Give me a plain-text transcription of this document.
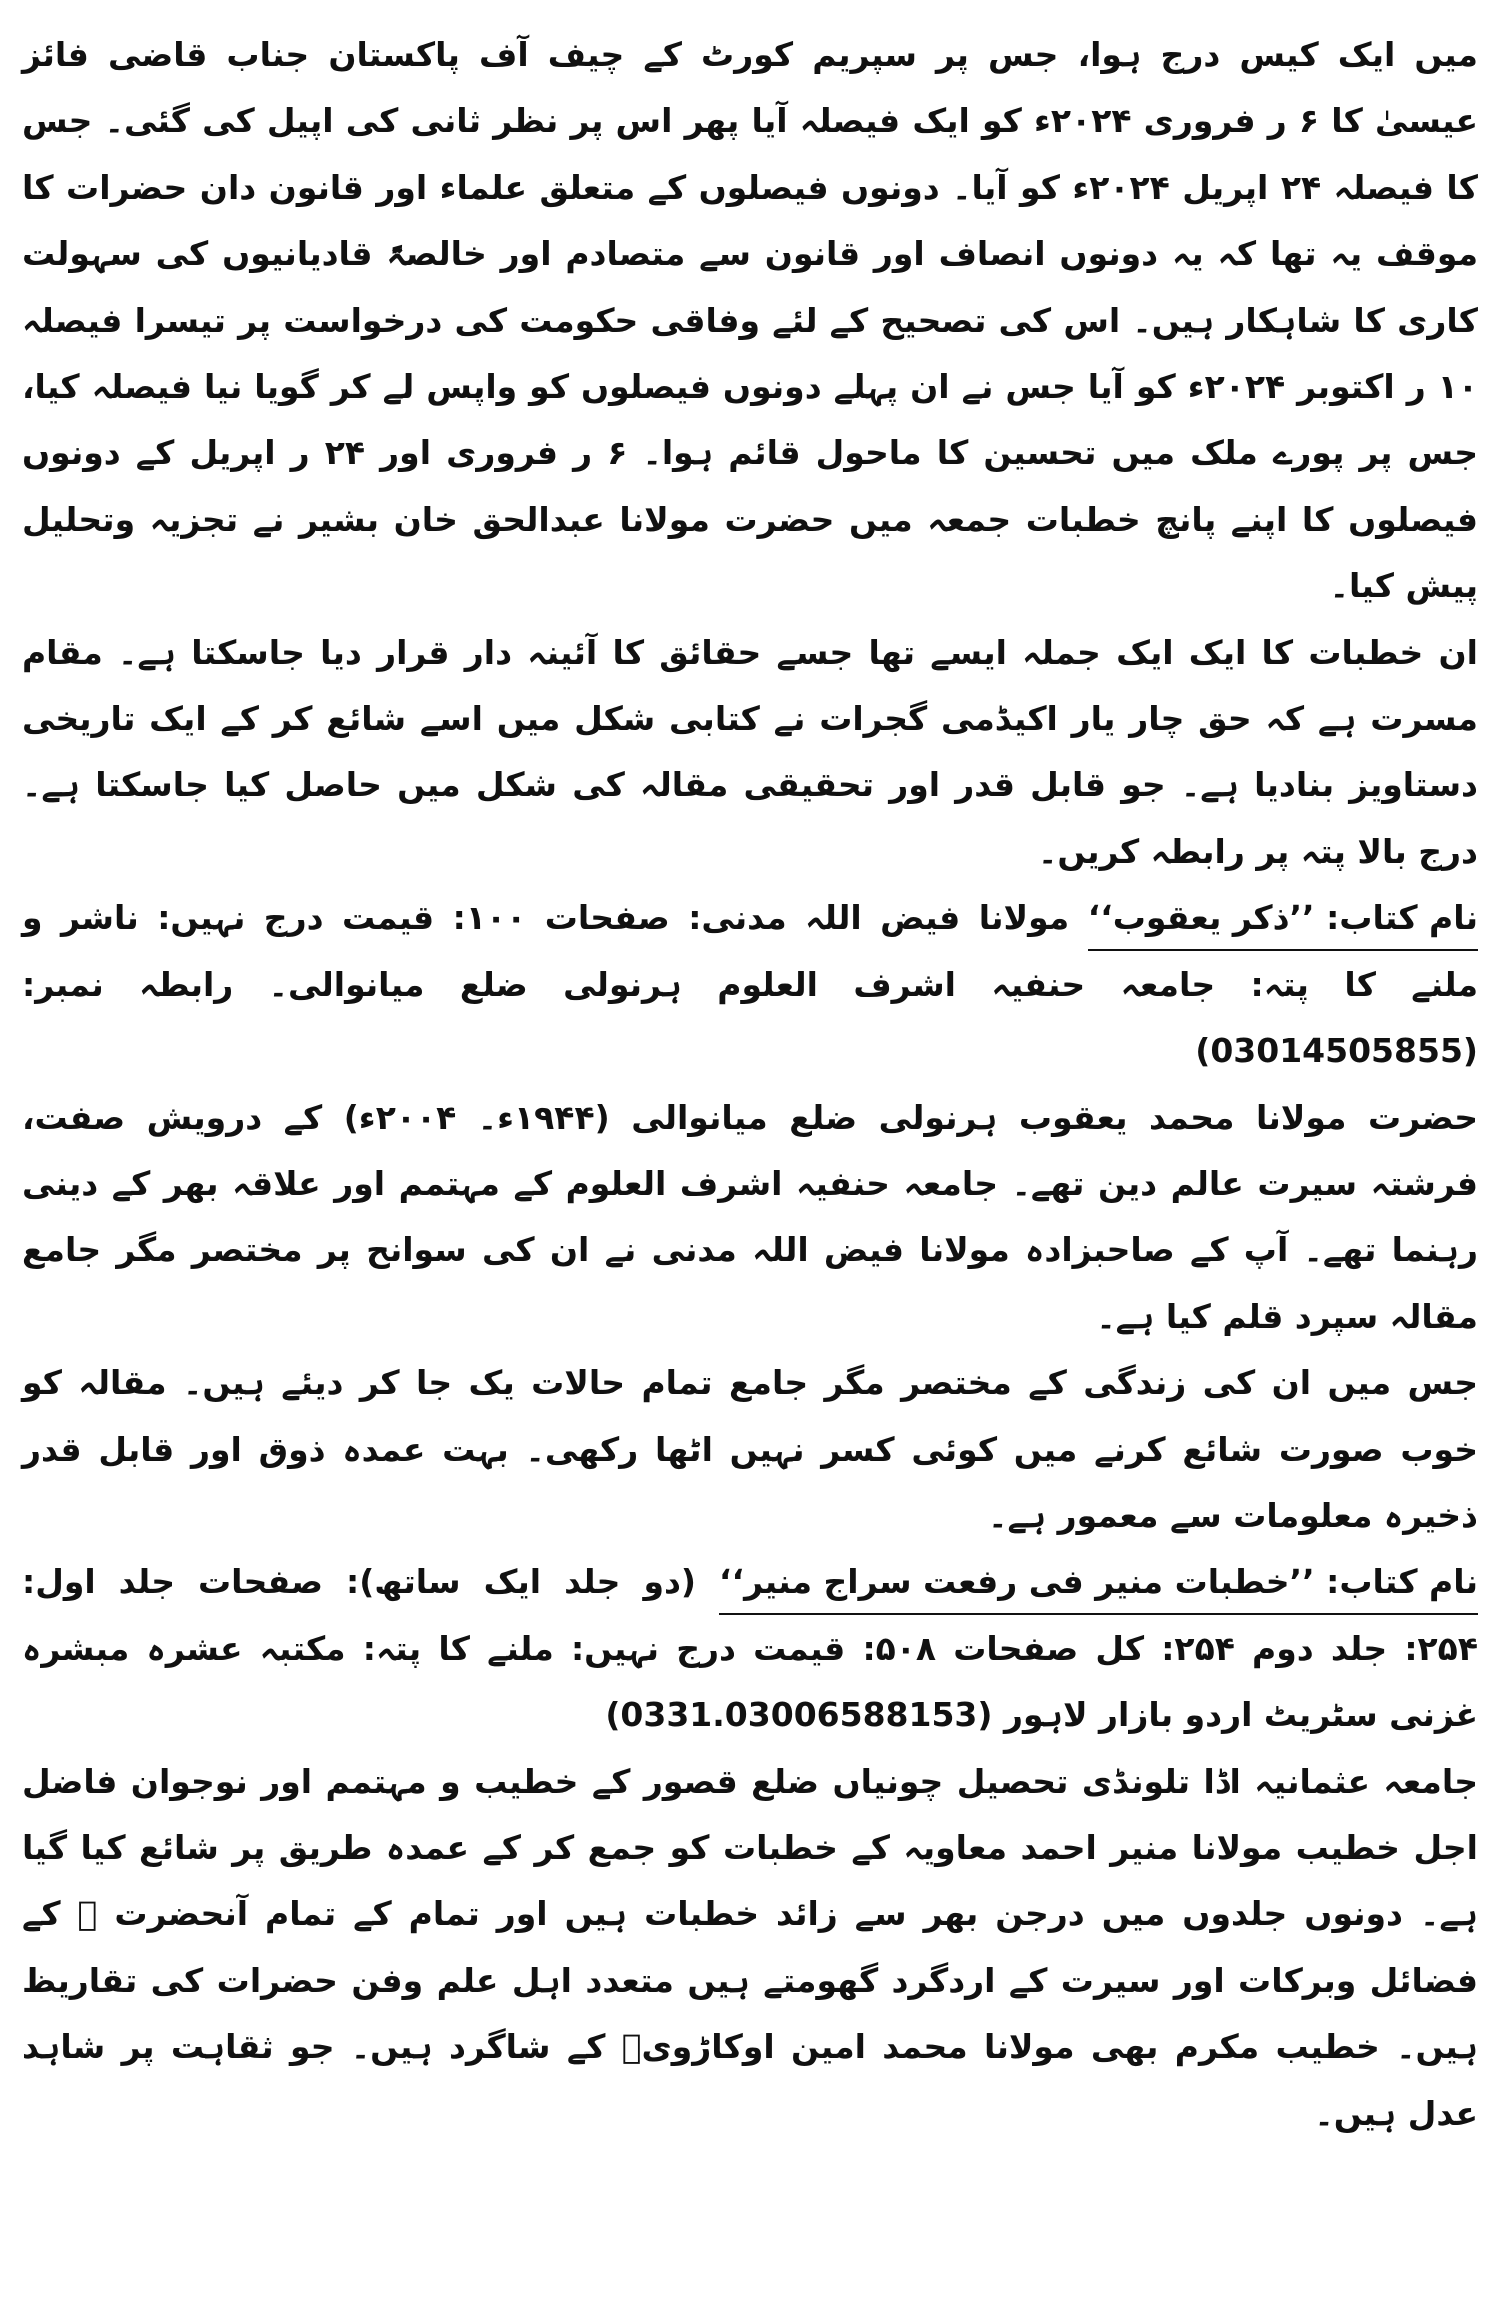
میں ایک کیس درج ہوا، جس پر سپریم کورٹ کے چیف آف پاکستان جناب قاضی فائز عیسیٰ کا ۶ ر فروری ۲۰۲۴ء کو ایک فیصلہ آیا پھر اس پر نظر ثانی کی اپیل کی گئی۔ جس کا فیصلہ ۲۴ اپریل ۲۰۲۴ء کو آیا۔ دونوں فیصلوں کے متعلق علماء اور قانون دان حضرات کا موقف یہ تھا کہ یہ دونوں انصاف اور قانون سے متصادم اور خالصۃً قادیانیوں کی سہولت کاری کا شاہکار ہیں۔ اس کی تصحیح کے لئے وفاقی حکومت کی درخواست پر تیسرا فیصلہ ۱۰ ر اکتوبر ۲۰۲۴ء کو آیا جس نے ان پہلے دونوں فیصلوں کو واپس لے کر گویا نیا فیصلہ کیا، جس پر پورے ملک میں تحسین کا ماحول قائم ہوا۔ ۶ ر فروری اور ۲۴ ر اپریل کے دونوں فیصلوں کا اپنے پانچ خطبات جمعہ میں حضرت مولانا عبدالحق خان بشیر نے تجزیہ وتحلیل پیش کیا۔

ان خطبات کا ایک ایک جملہ ایسے تھا جسے حقائق کا آئینہ دار قرار دیا جاسکتا ہے۔ مقام مسرت ہے کہ حق چار یار اکیڈمی گجرات نے کتابی شکل میں اسے شائع کر کے ایک تاریخی دستاویز بنادیا ہے۔ جو قابل قدر اور تحقیقی مقالہ کی شکل میں حاصل کیا جاسکتا ہے۔ درج بالا پتہ پر رابطہ کریں۔

نام کتاب: ’’ذکر یعقوب‘‘ مولانا فیض اللہ مدنی: صفحات ۱۰۰: قیمت درج نہیں: ناشر و ملنے کا پتہ: جامعہ حنفیہ اشرف العلوم ہرنولی ضلع میانوالی۔ رابطہ نمبر: (03014505855)

حضرت مولانا محمد یعقوب ہرنولی ضلع میانوالی (۱۹۴۴ء۔ ۲۰۰۴ء) کے درویش صفت، فرشتہ سیرت عالم دین تھے۔ جامعہ حنفیہ اشرف العلوم کے مہتمم اور علاقہ بھر کے دینی رہنما تھے۔ آپ کے صاحبزادہ مولانا فیض اللہ مدنی نے ان کی سوانح پر مختصر مگر جامع مقالہ سپرد قلم کیا ہے۔

جس میں ان کی زندگی کے مختصر مگر جامع تمام حالات یک جا کر دیئے ہیں۔ مقالہ کو خوب صورت شائع کرنے میں کوئی کسر نہیں اٹھا رکھی۔ بہت عمدہ ذوق اور قابل قدر ذخیرہ معلومات سے معمور ہے۔

نام کتاب: ’’خطبات منیر فی رفعت سراج منیر‘‘ (دو جلد ایک ساتھ): صفحات جلد اول: ۲۵۴: جلد دوم ۲۵۴: کل صفحات ۵۰۸: قیمت درج نہیں: ملنے کا پتہ: مکتبہ عشرہ مبشرہ غزنی سٹریٹ اردو بازار لاہور (0331.03006588153)

جامعہ عثمانیہ اڈا تلونڈی تحصیل چونیاں ضلع قصور کے خطیب و مہتمم اور نوجوان فاضل اجل خطیب مولانا منیر احمد معاویہ کے خطبات کو جمع کر کے عمدہ طریق پر شائع کیا گیا ہے۔ دونوں جلدوں میں درجن بھر سے زائد خطبات ہیں اور تمام کے تمام آنحضرت ﷺ کے فضائل وبرکات اور سیرت کے اردگرد گھومتے ہیں متعدد اہل علم وفن حضرات کی تقاریظ ہیں۔ خطیب مکرم بھی مولانا محمد امین اوکاڑویؒ کے شاگرد ہیں۔ جو ثقاہت پر شاہد عدل ہیں۔
